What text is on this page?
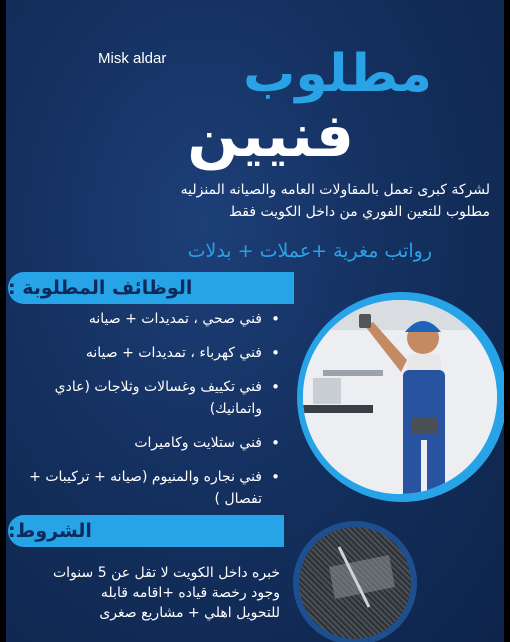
Misk aldar مطلوب
فنيين
لشركة كبرى تعمل بالمقاولات العامه والصيانه المنزليه
مطلوب للتعين الفوري من داخل الكويت فقط
رواتب مغرية +عملات + بدلات
الوظائف المطلوبة :
• فني صحي ، تمديدات + صيانه
• فني كهرباء ، تمديدات + صيانه
• فني تكييف وغسالات وثلاجات (عادي واتمانيك)
• فني ستلايت وكاميرات
• فني نجاره والمنيوم (صيانه + تركيبات + تفصال )
الشروط:
خبره داخل الكويت لا تقل عن 5 سنوات
وجود رخصة قياده +اقامه قابله
للتحويل اهلي + مشاريع صغرى
